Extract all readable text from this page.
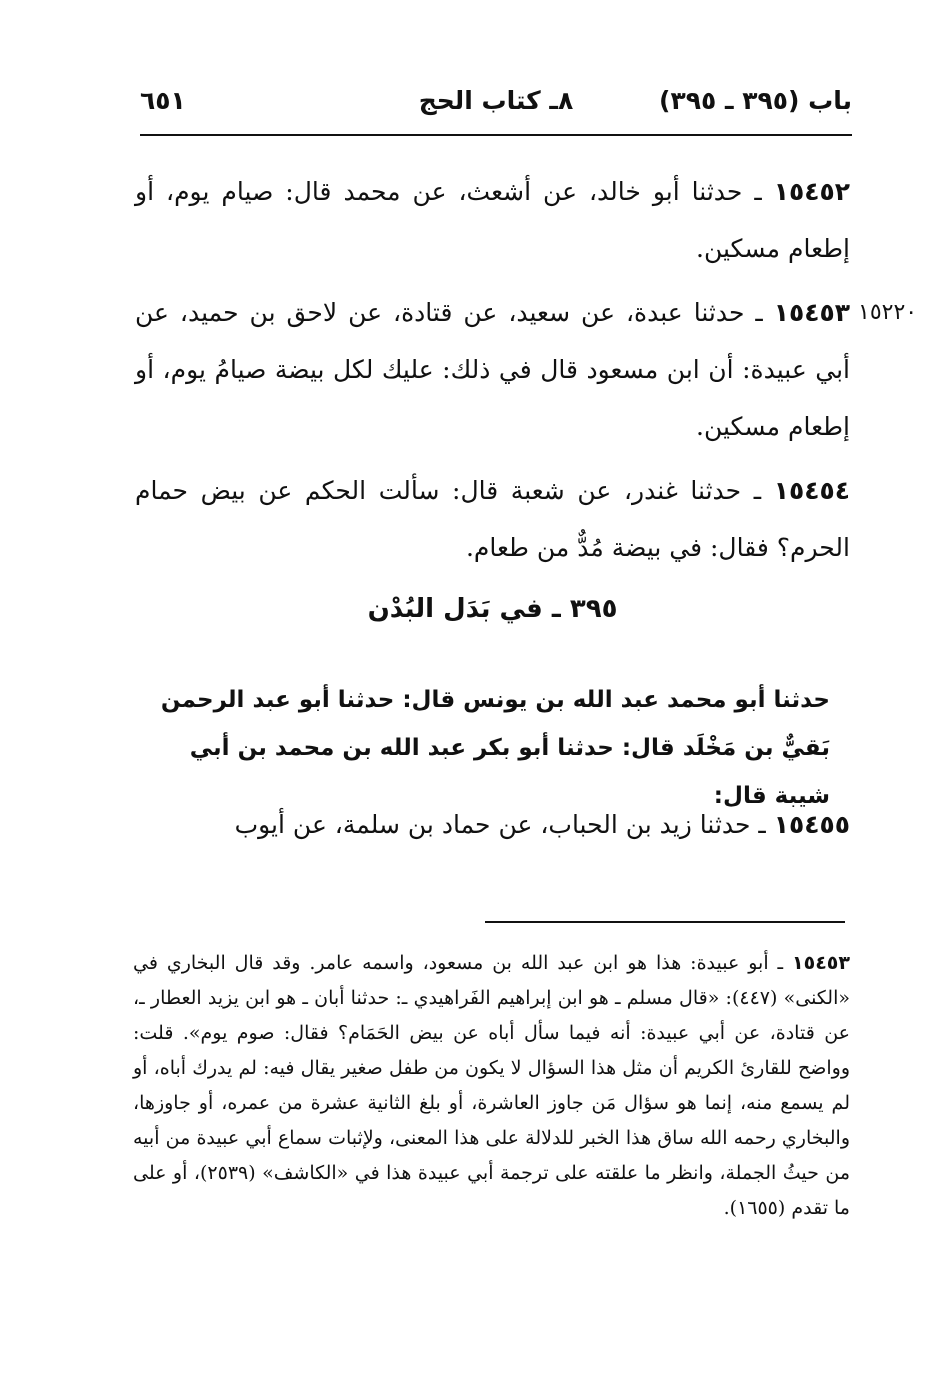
باب (٣٩٥ ـ ٣٩٥)
٨ـ كتاب الحج
٦٥١

١٥٤٥٢ ـ حدثنا أبو خالد، عن أشعث، عن محمد قال: صيام يوم، أو إطعام مسكين.

١٥٢٢٠

١٥٤٥٣ ـ حدثنا عبدة، عن سعيد، عن قتادة، عن لاحق بن حميد، عن أبي عبيدة: أن ابن مسعود قال في ذلك: عليك لكل بيضة صيامُ يوم، أو إطعام مسكين.

١٥٤٥٤ ـ حدثنا غندر، عن شعبة قال: سألت الحكم عن بيض حمام الحرم؟ فقال: في بيضة مُدٌّ من طعام.

٣٩٥ ـ في بَدَل البُدْن
حدثنا أبو محمد عبد الله بن يونس قال: حدثنا أبو عبد الرحمن بَقيٌّ بن مَخْلَد قال: حدثنا أبو بكر عبد الله بن محمد بن أبي شيبة قال:

١٥٤٥٥ ـ حدثنا زيد بن الحباب، عن حماد بن سلمة، عن أيوب

١٥٤٥٣ ـ أبو عبيدة: هذا هو ابن عبد الله بن مسعود، واسمه عامر. وقد قال البخاري في «الكنى» (٤٤٧): «قال مسلم ـ هو ابن إبراهيم الفَراهيدي ـ: حدثنا أبان ـ هو ابن يزيد العطار ـ، عن قتادة، عن أبي عبيدة: أنه فيما سأل أباه عن بيض الحَمَام؟ فقال: صوم يوم». قلت: وواضح للقارئ الكريم أن مثل هذا السؤال لا يكون من طفل صغير يقال فيه: لم يدرك أباه، أو لم يسمع منه، إنما هو سؤال مَن جاوز العاشرة، أو بلغ الثانية عشرة من عمره، أو جاوزها، والبخاري رحمه الله ساق هذا الخبر للدلالة على هذا المعنى، ولإثبات سماع أبي عبيدة من أبيه من حيثُ الجملة، وانظر ما علقته على ترجمة أبي عبيدة هذا في «الكاشف» (٢٥٣٩)، أو على ما تقدم (١٦٥٥).
